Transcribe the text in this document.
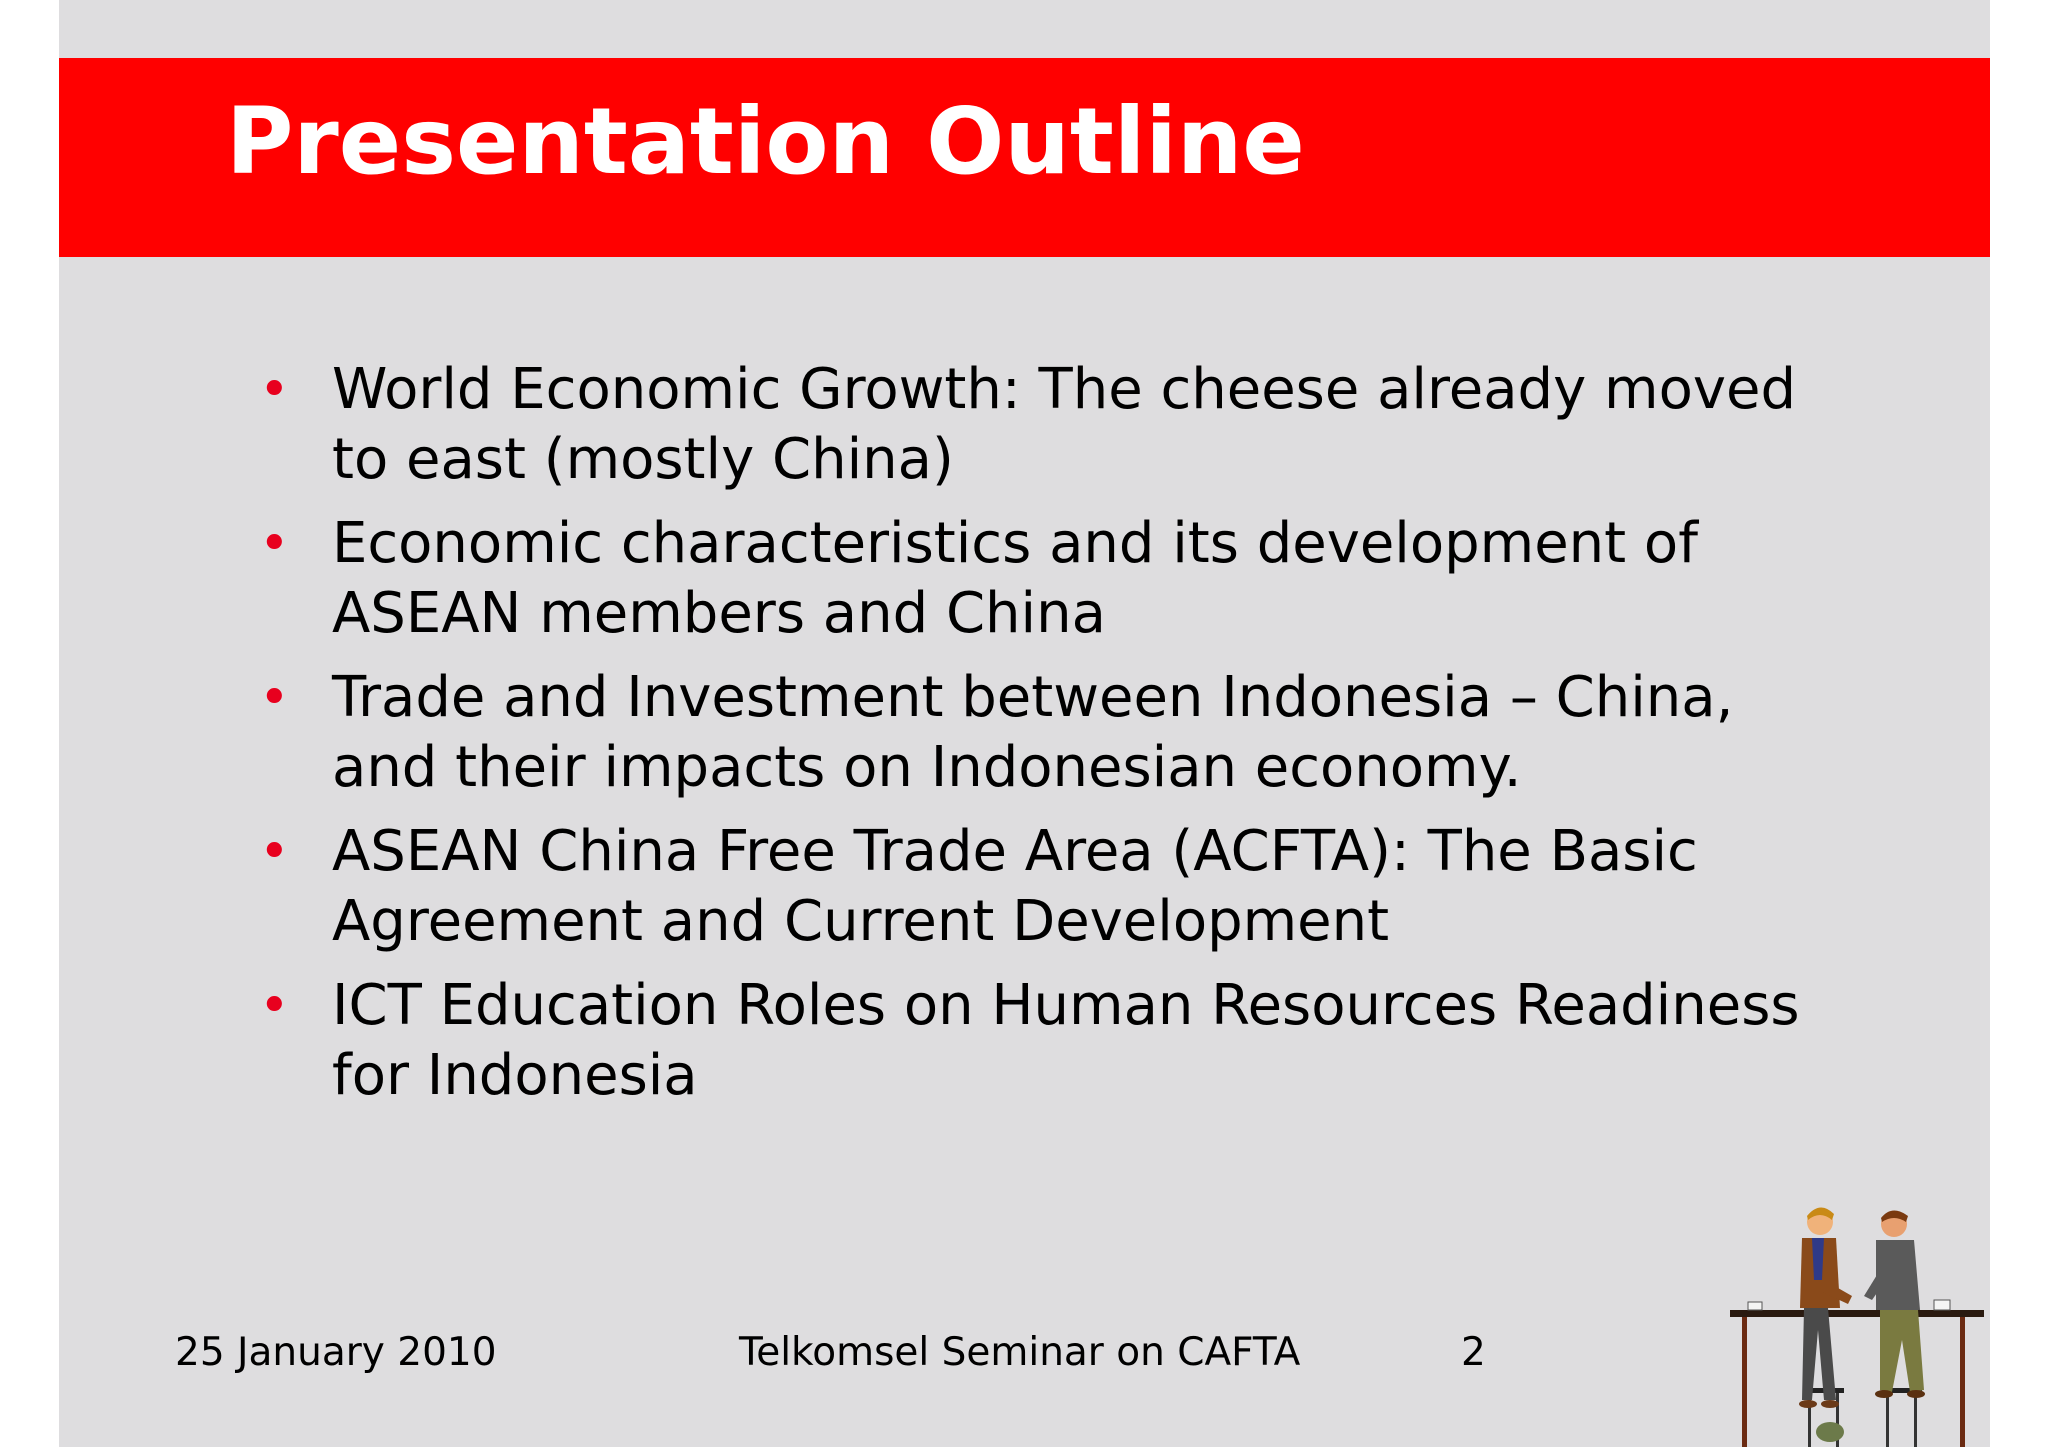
Presentation Outline
• World Economic Growth: The cheese already moved to east (mostly China)
• Economic characteristics and its development of ASEAN members and China
• Trade and Investment between Indonesia – China, and their impacts on Indonesian economy.
• ASEAN China Free Trade Area (ACFTA): The Basic Agreement and Current Development
• ICT Education Roles on Human Resources Readiness for Indonesia
25 January 2010	Telkomsel Seminar on CAFTA	2
